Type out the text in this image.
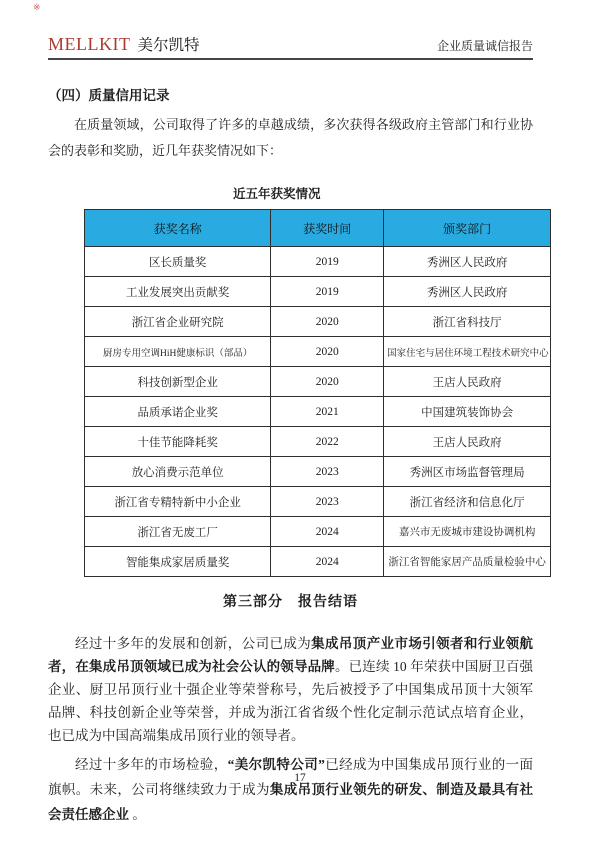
※
MELLKIT 美尔凯特	企业质量诚信报告
（四）质量信用记录

在质量领域，公司取得了许多的卓越成绩，多次获得各级政府主管部门和行业协会的表彰和奖励，近几年获奖情况如下：

近五年获奖情况
获奖名称	获奖时间	颁奖部门
区长质量奖	2019	秀洲区人民政府
工业发展突出贡献奖	2019	秀洲区人民政府
浙江省企业研究院	2020	浙江省科技厅
厨房专用空调HiH健康标识（部品）	2020	国家住宅与居住环境工程技术研究中心
科技创新型企业	2020	王店人民政府
品质承诺企业奖	2021	中国建筑装饰协会
十佳节能降耗奖	2022	王店人民政府
放心消费示范单位	2023	秀洲区市场监督管理局
浙江省专精特新中小企业	2023	浙江省经济和信息化厅
浙江省无废工厂	2024	嘉兴市无废城市建设协调机构
智能集成家居质量奖	2024	浙江省智能家居产品质量检验中心
第三部分　报告结语

经过十多年的发展和创新，公司已成为集成吊顶产业市场引领者和行业领航者，在集成吊顶领域已成为社会公认的领导品牌。已连续 10 年荣获中国厨卫百强企业、厨卫吊顶行业十强企业等荣誉称号，先后被授予了中国集成吊顶十大领军品牌、科技创新企业等荣誉，并成为浙江省省级个性化定制示范试点培育企业，也已成为中国高端集成吊顶行业的领导者。

经过十多年的市场检验，“美尔凯特公司”已经成为中国集成吊顶行业的一面旗帜。未来，公司将继续致力于成为集成吊顶行业领先的研发、制造及最具有社会责任感企业 。

17
